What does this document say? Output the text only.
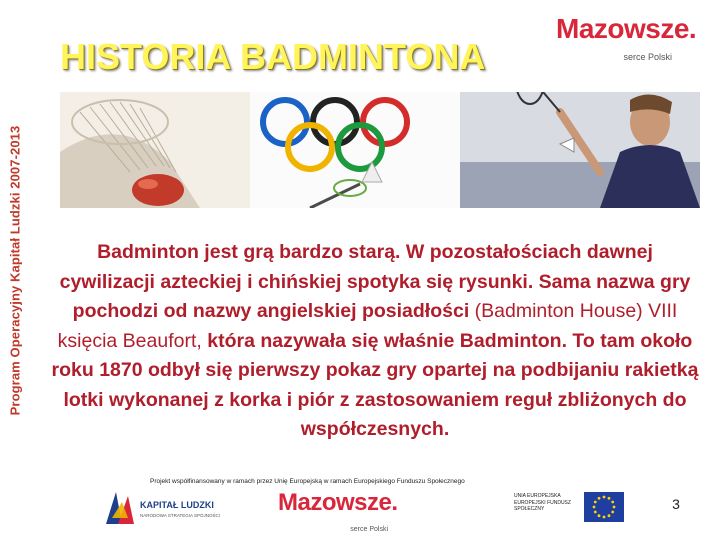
Program Operacyjny Kapitał Ludzki 2007-2013
HISTORIA BADMINTONA
Mazowsze.
serce Polski
Badminton jest grą bardzo starą. W pozostałościach dawnej cywilizacji azteckiej i chińskiej spotyka się rysunki. Sama nazwa gry pochodzi od nazwy angielskiej posiadłości (Badminton House) VIII księcia Beaufort, która nazywała się właśnie Badminton. To tam około roku 1870 odbył się pierwszy pokaz gry opartej na podbijaniu rakietką lotki wykonanej z korka i piór z zastosowaniem reguł zbliżonych do współczesnych.
Projekt współfinansowany w ramach przez Unię Europejską w ramach Europejskiego Funduszu Społecznego
KAPITAŁ LUDZKI
NARODOWA STRATEGIA SPÓJNOŚCI	Mazowsze.
serce Polski
UNIA EUROPEJSKA EUROPEJSKI FUNDUSZ SPOŁECZNY	3
